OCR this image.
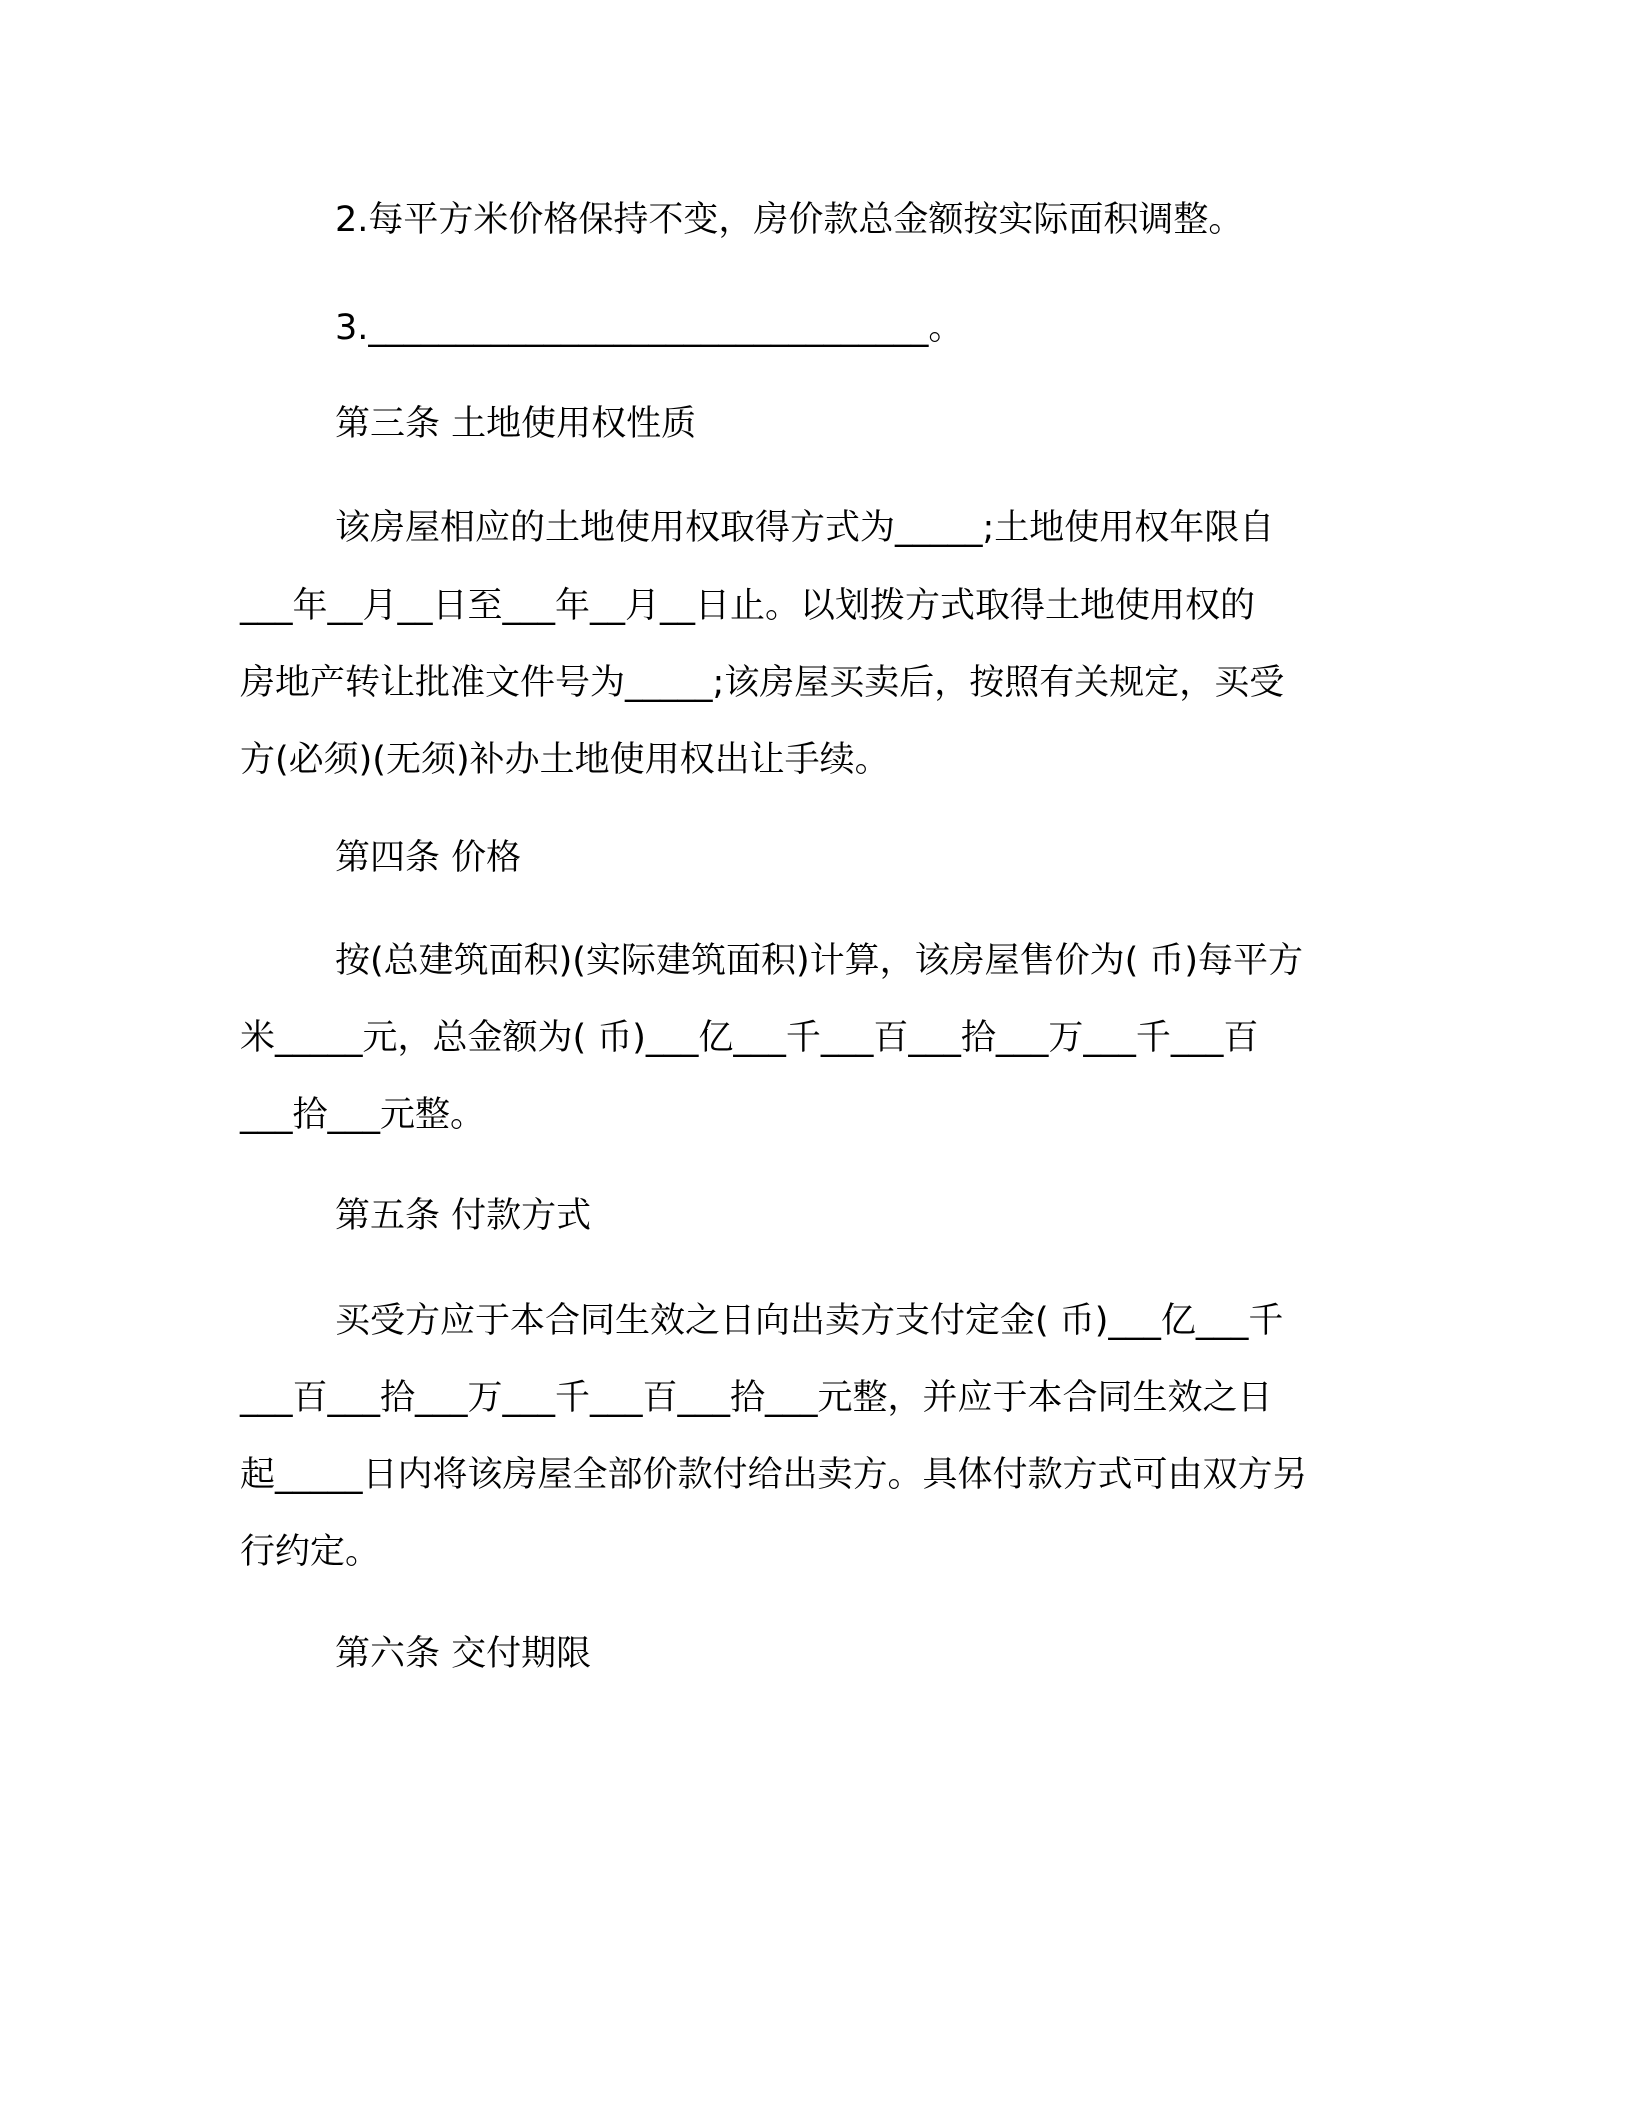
2.每平方米价格保持不变，房价款总金额按实际面积调整。
3.________________________________。
第三条 土地使用权性质
该房屋相应的土地使用权取得方式为_____;土地使用权年限自
___年__月__日至___年__月__日止。以划拨方式取得土地使用权的
房地产转让批准文件号为_____;该房屋买卖后，按照有关规定，买受
方(必须)(无须)补办土地使用权出让手续。
第四条 价格
按(总建筑面积)(实际建筑面积)计算，该房屋售价为( 币)每平方
米_____元，总金额为( 币)___亿___千___百___拾___万___千___百
___拾___元整。
第五条 付款方式
买受方应于本合同生效之日向出卖方支付定金( 币)___亿___千
___百___拾___万___千___百___拾___元整，并应于本合同生效之日
起_____日内将该房屋全部价款付给出卖方。具体付款方式可由双方另
行约定。
第六条 交付期限
